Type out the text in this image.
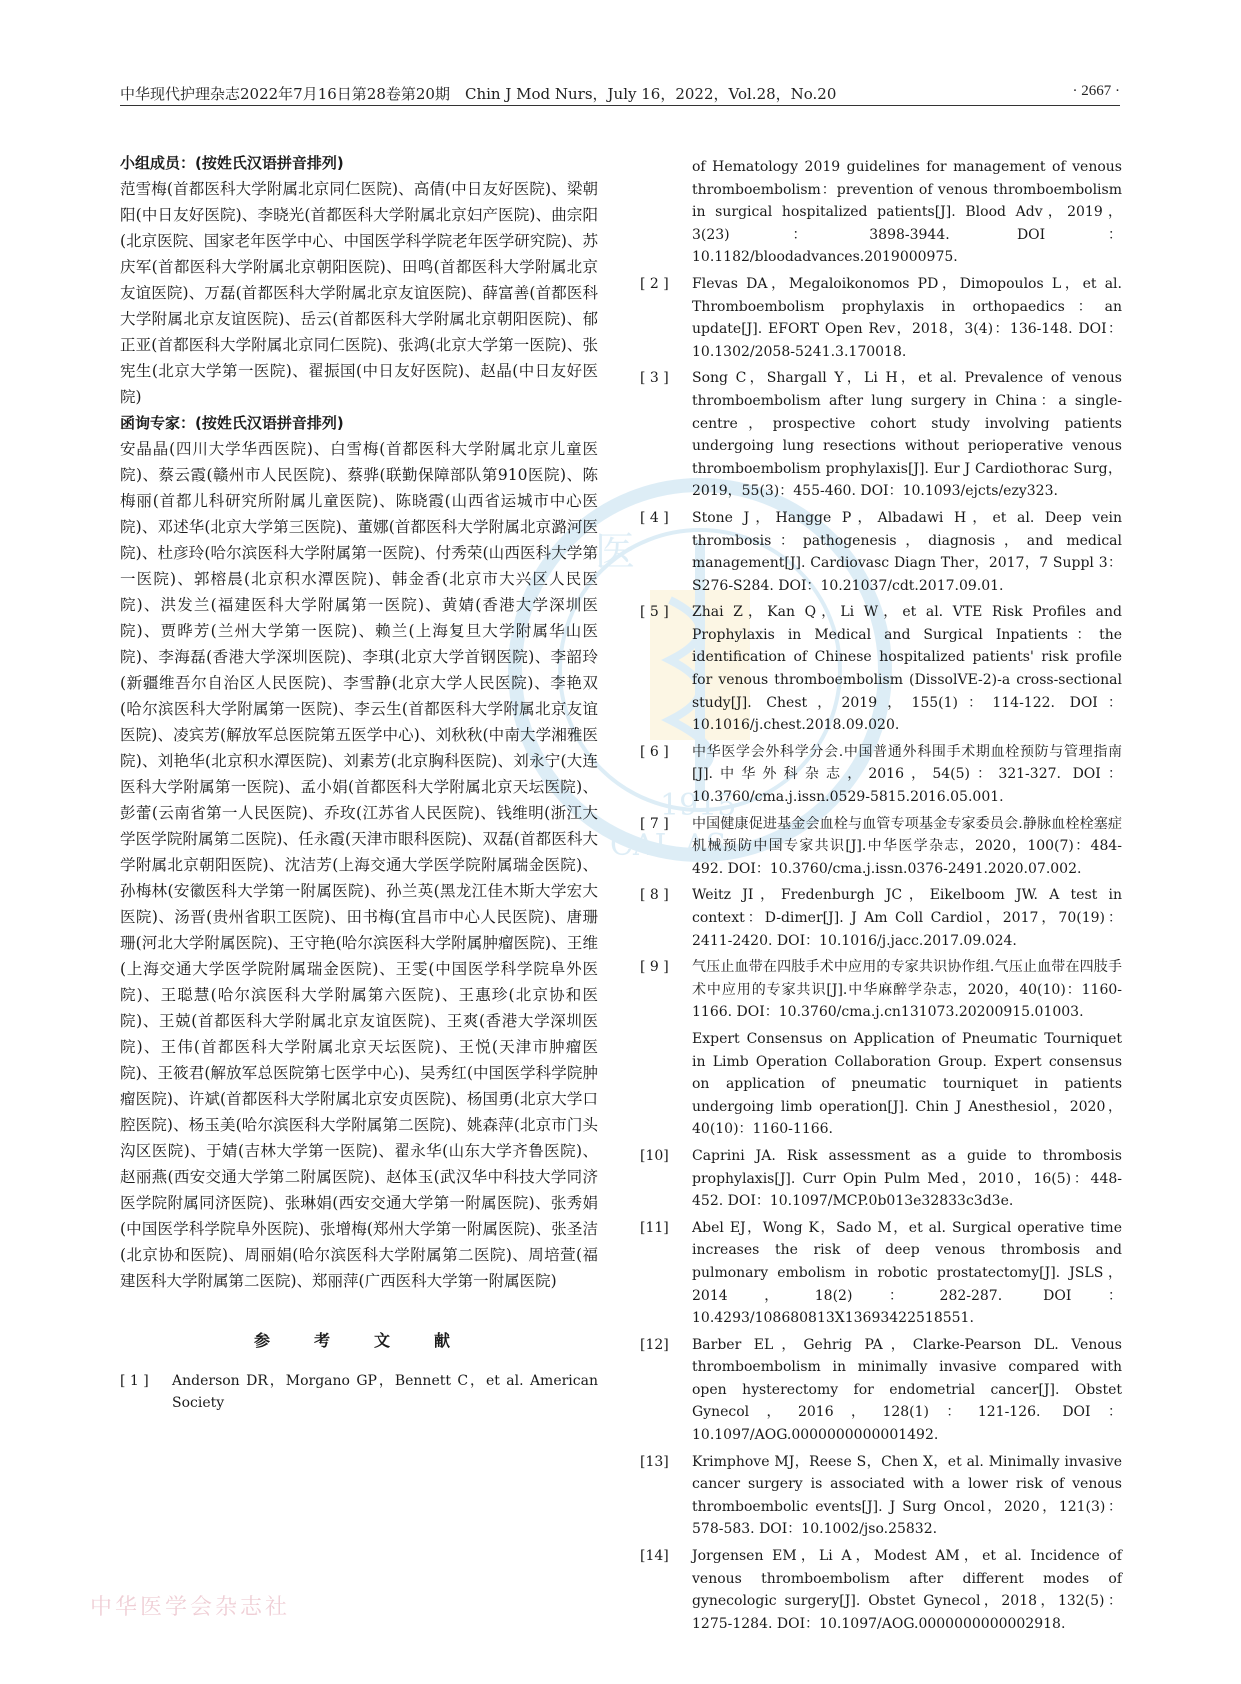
中华现代护理杂志2022年7月16日第28卷第20期　Chin J Mod Nurs，July 16，2022，Vol.28，No.20	· 2667 ·
医
1915
CAL AS
中华医学会杂志社

小组成员：(按姓氏汉语拼音排列)

范雪梅(首都医科大学附属北京同仁医院)、高倩(中日友好医院)、梁朝阳(中日友好医院)、李晓光(首都医科大学附属北京妇产医院)、曲宗阳(北京医院、国家老年医学中心、中国医学科学院老年医学研究院)、苏庆军(首都医科大学附属北京朝阳医院)、田鸣(首都医科大学附属北京友谊医院)、万磊(首都医科大学附属北京友谊医院)、薛富善(首都医科大学附属北京友谊医院)、岳云(首都医科大学附属北京朝阳医院)、郁正亚(首都医科大学附属北京同仁医院)、张鸿(北京大学第一医院)、张宪生(北京大学第一医院)、翟振国(中日友好医院)、赵晶(中日友好医院)

函询专家：(按姓氏汉语拼音排列)

安晶晶(四川大学华西医院)、白雪梅(首都医科大学附属北京儿童医院)、蔡云霞(赣州市人民医院)、蔡骅(联勤保障部队第910医院)、陈梅丽(首都儿科研究所附属儿童医院)、陈晓霞(山西省运城市中心医院)、邓述华(北京大学第三医院)、董娜(首都医科大学附属北京潞河医院)、杜彦玲(哈尔滨医科大学附属第一医院)、付秀荣(山西医科大学第一医院)、郭榕晨(北京积水潭医院)、韩金香(北京市大兴区人民医院)、洪发兰(福建医科大学附属第一医院)、黄婧(香港大学深圳医院)、贾晔芳(兰州大学第一医院)、赖兰(上海复旦大学附属华山医院)、李海磊(香港大学深圳医院)、李琪(北京大学首钢医院)、李韶玲(新疆维吾尔自治区人民医院)、李雪静(北京大学人民医院)、李艳双(哈尔滨医科大学附属第一医院)、李云生(首都医科大学附属北京友谊医院)、凌宾芳(解放军总医院第五医学中心)、刘秋秋(中南大学湘雅医院)、刘艳华(北京积水潭医院)、刘素芳(北京胸科医院)、刘永宁(大连医科大学附属第一医院)、孟小娟(首都医科大学附属北京天坛医院)、彭蕾(云南省第一人民医院)、乔玫(江苏省人民医院)、钱维明(浙江大学医学院附属第二医院)、任永霞(天津市眼科医院)、双磊(首都医科大学附属北京朝阳医院)、沈洁芳(上海交通大学医学院附属瑞金医院)、孙梅林(安徽医科大学第一附属医院)、孙兰英(黑龙江佳木斯大学宏大医院)、汤晋(贵州省职工医院)、田书梅(宜昌市中心人民医院)、唐珊珊(河北大学附属医院)、王守艳(哈尔滨医科大学附属肿瘤医院)、王维(上海交通大学医学院附属瑞金医院)、王雯(中国医学科学院阜外医院)、王聪慧(哈尔滨医科大学附属第六医院)、王惠珍(北京协和医院)、王兢(首都医科大学附属北京友谊医院)、王爽(香港大学深圳医院)、王伟(首都医科大学附属北京天坛医院)、王悦(天津市肿瘤医院)、王筱君(解放军总医院第七医学中心)、吴秀红(中国医学科学院肿瘤医院)、许斌(首都医科大学附属北京安贞医院)、杨国勇(北京大学口腔医院)、杨玉美(哈尔滨医科大学附属第二医院)、姚森萍(北京市门头沟区医院)、于婧(吉林大学第一医院)、翟永华(山东大学齐鲁医院)、赵丽燕(西安交通大学第二附属医院)、赵体玉(武汉华中科技大学同济医学院附属同济医院)、张琳娟(西安交通大学第一附属医院)、张秀娟(中国医学科学院阜外医院)、张增梅(郑州大学第一附属医院)、张圣洁(北京协和医院)、周丽娟(哈尔滨医科大学附属第二医院)、周培萱(福建医科大学附属第二医院)、郑丽萍(广西医科大学第一附属医院)

参　考　文　献
[ 1 ]	Anderson DR，Morgano GP，Bennett C，et al. American Society
of Hematology 2019 guidelines for management of venous thromboembolism：prevention of venous thromboembolism in surgical hospitalized patients[J]. Blood Adv，2019，3(23)：3898-3944. DOI：10.1182/bloodadvances.2019000975.
[ 2 ]	Flevas DA，Megaloikonomos PD，Dimopoulos L，et al. Thromboembolism prophylaxis in orthopaedics：an update[J]. EFORT Open Rev，2018，3(4)：136-148. DOI：10.1302/2058-5241.3.170018.
[ 3 ]	Song C，Shargall Y，Li H，et al. Prevalence of venous thromboembolism after lung surgery in China：a single-centre，prospective cohort study involving patients undergoing lung resections without perioperative venous thromboembolism prophylaxis[J]. Eur J Cardiothorac Surg，2019，55(3)：455-460. DOI：10.1093/ejcts/ezy323.
[ 4 ]	Stone J，Hangge P，Albadawi H，et al. Deep vein thrombosis：pathogenesis，diagnosis，and medical management[J]. Cardiovasc Diagn Ther，2017，7 Suppl 3：S276-S284. DOI：10.21037/cdt.2017.09.01.
[ 5 ]	Zhai Z，Kan Q，Li W，et al. VTE Risk Profiles and Prophylaxis in Medical and Surgical Inpatients：the identification of Chinese hospitalized patients' risk profile for venous thromboembolism (DissolVE-2)-a cross-sectional study[J]. Chest，2019，155(1)：114-122. DOI：10.1016/j.chest.2018.09.020.
[ 6 ]	中华医学会外科学分会.中国普通外科围手术期血栓预防与管理指南[J].中华外科杂志，2016，54(5)：321-327. DOI：10.3760/cma.j.issn.0529-5815.2016.05.001.
[ 7 ]	中国健康促进基金会血栓与血管专项基金专家委员会.静脉血栓栓塞症机械预防中国专家共识[J].中华医学杂志，2020，100(7)：484-492. DOI：10.3760/cma.j.issn.0376-2491.2020.07.002.
[ 8 ]	Weitz JI，Fredenburgh JC，Eikelboom JW. A test in context：D-dimer[J]. J Am Coll Cardiol，2017，70(19)：2411-2420. DOI：10.1016/j.jacc.2017.09.024.
[ 9 ]	气压止血带在四肢手术中应用的专家共识协作组.气压止血带在四肢手术中应用的专家共识[J].中华麻醉学杂志，2020，40(10)：1160-1166. DOI：10.3760/cma.j.cn131073.20200915.01003.
Expert Consensus on Application of Pneumatic Tourniquet in Limb Operation Collaboration Group. Expert consensus on application of pneumatic tourniquet in patients undergoing limb operation[J]. Chin J Anesthesiol，2020，40(10)：1160-1166.
[10]	Caprini JA. Risk assessment as a guide to thrombosis prophylaxis[J]. Curr Opin Pulm Med，2010，16(5)：448-452. DOI：10.1097/MCP.0b013e32833c3d3e.
[11]	Abel EJ，Wong K，Sado M，et al. Surgical operative time increases the risk of deep venous thrombosis and pulmonary embolism in robotic prostatectomy[J]. JSLS，2014，18(2)：282-287. DOI：10.4293/108680813X13693422518551.
[12]	Barber EL，Gehrig PA，Clarke-Pearson DL. Venous thromboembolism in minimally invasive compared with open hysterectomy for endometrial cancer[J]. Obstet Gynecol，2016，128(1)：121-126. DOI：10.1097/AOG.0000000000001492.
[13]	Krimphove MJ，Reese S，Chen X，et al. Minimally invasive cancer surgery is associated with a lower risk of venous thromboembolic events[J]. J Surg Oncol，2020，121(3)：578-583. DOI：10.1002/jso.25832.
[14]	Jorgensen EM，Li A，Modest AM，et al. Incidence of venous thromboembolism after different modes of gynecologic surgery[J]. Obstet Gynecol，2018，132(5)：1275-1284. DOI：10.1097/AOG.0000000000002918.
